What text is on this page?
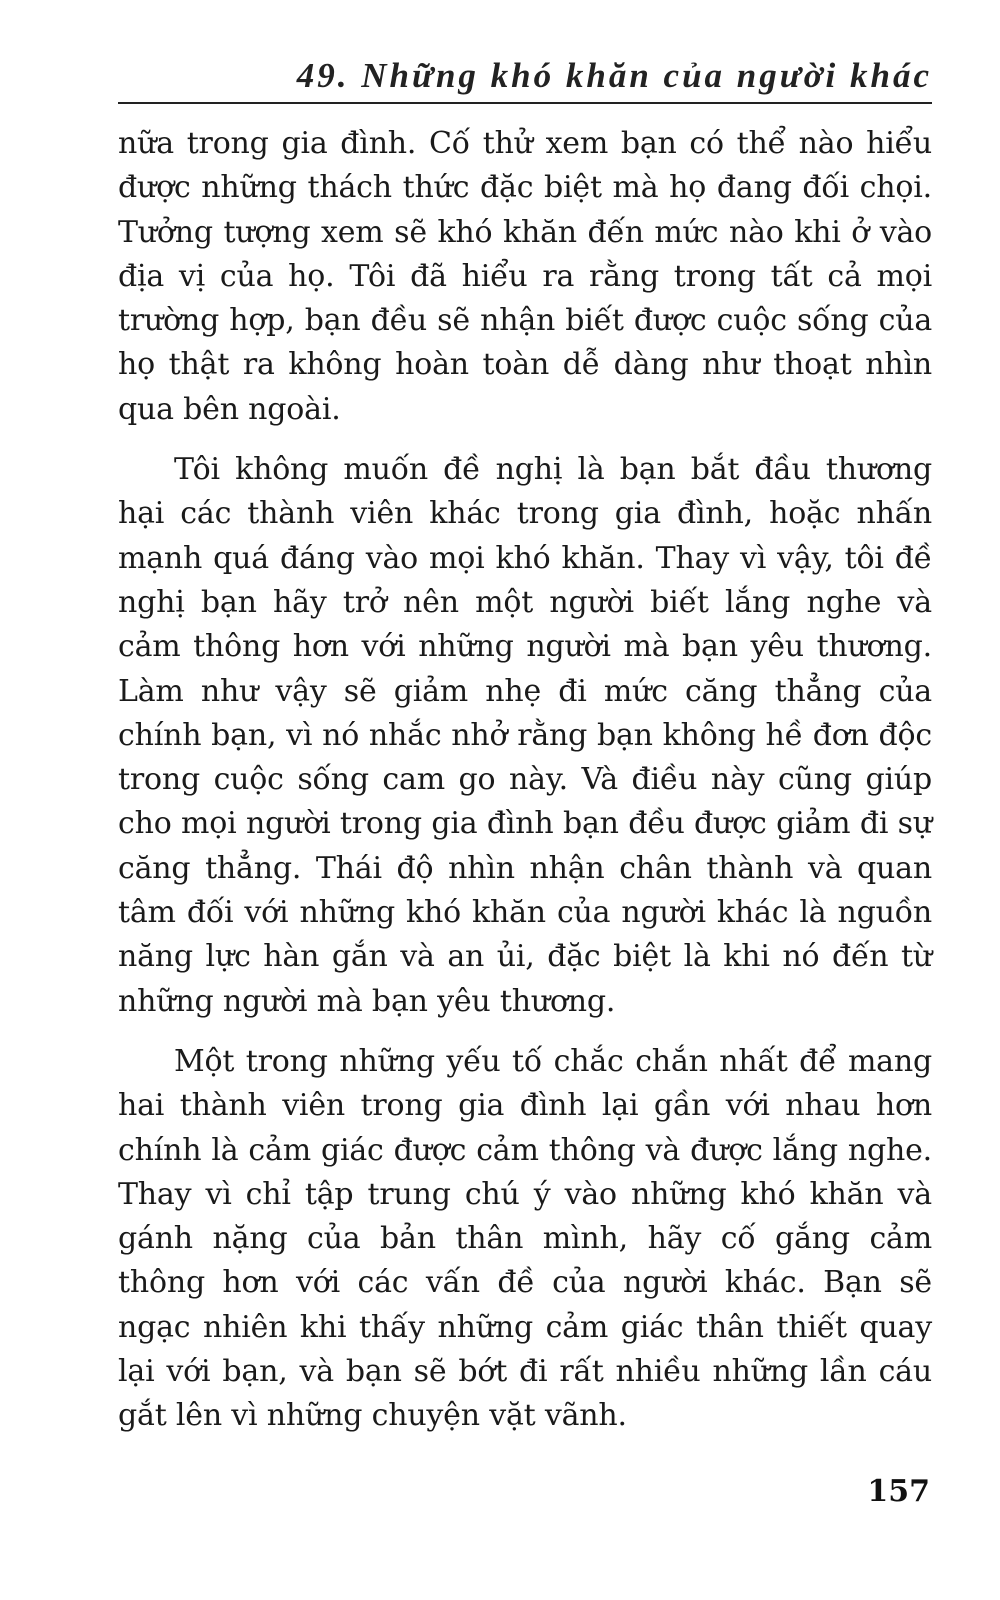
49. Những khó khăn của người khác

nữa trong gia đình. Cố thử xem bạn có thể nào hiểu được những thách thức đặc biệt mà họ đang đối chọi. Tưởng tượng xem sẽ khó khăn đến mức nào khi ở vào địa vị của họ. Tôi đã hiểu ra rằng trong tất cả mọi trường hợp, bạn đều sẽ nhận biết được cuộc sống của họ thật ra không hoàn toàn dễ dàng như thoạt nhìn qua bên ngoài.

Tôi không muốn đề nghị là bạn bắt đầu thương hại các thành viên khác trong gia đình, hoặc nhấn mạnh quá đáng vào mọi khó khăn. Thay vì vậy, tôi đề nghị bạn hãy trở nên một người biết lắng nghe và cảm thông hơn với những người mà bạn yêu thương. Làm như vậy sẽ giảm nhẹ đi mức căng thẳng của chính bạn, vì nó nhắc nhở rằng bạn không hề đơn độc trong cuộc sống cam go này. Và điều này cũng giúp cho mọi người trong gia đình bạn đều được giảm đi sự căng thẳng. Thái độ nhìn nhận chân thành và quan tâm đối với những khó khăn của người khác là nguồn năng lực hàn gắn và an ủi, đặc biệt là khi nó đến từ những người mà bạn yêu thương.

Một trong những yếu tố chắc chắn nhất để mang hai thành viên trong gia đình lại gần với nhau hơn chính là cảm giác được cảm thông và được lắng nghe. Thay vì chỉ tập trung chú ý vào những khó khăn và gánh nặng của bản thân mình, hãy cố gắng cảm thông hơn với các vấn đề của người khác. Bạn sẽ ngạc nhiên khi thấy những cảm giác thân thiết quay lại với bạn, và bạn sẽ bớt đi rất nhiều những lần cáu gắt lên vì những chuyện vặt vãnh.

157
